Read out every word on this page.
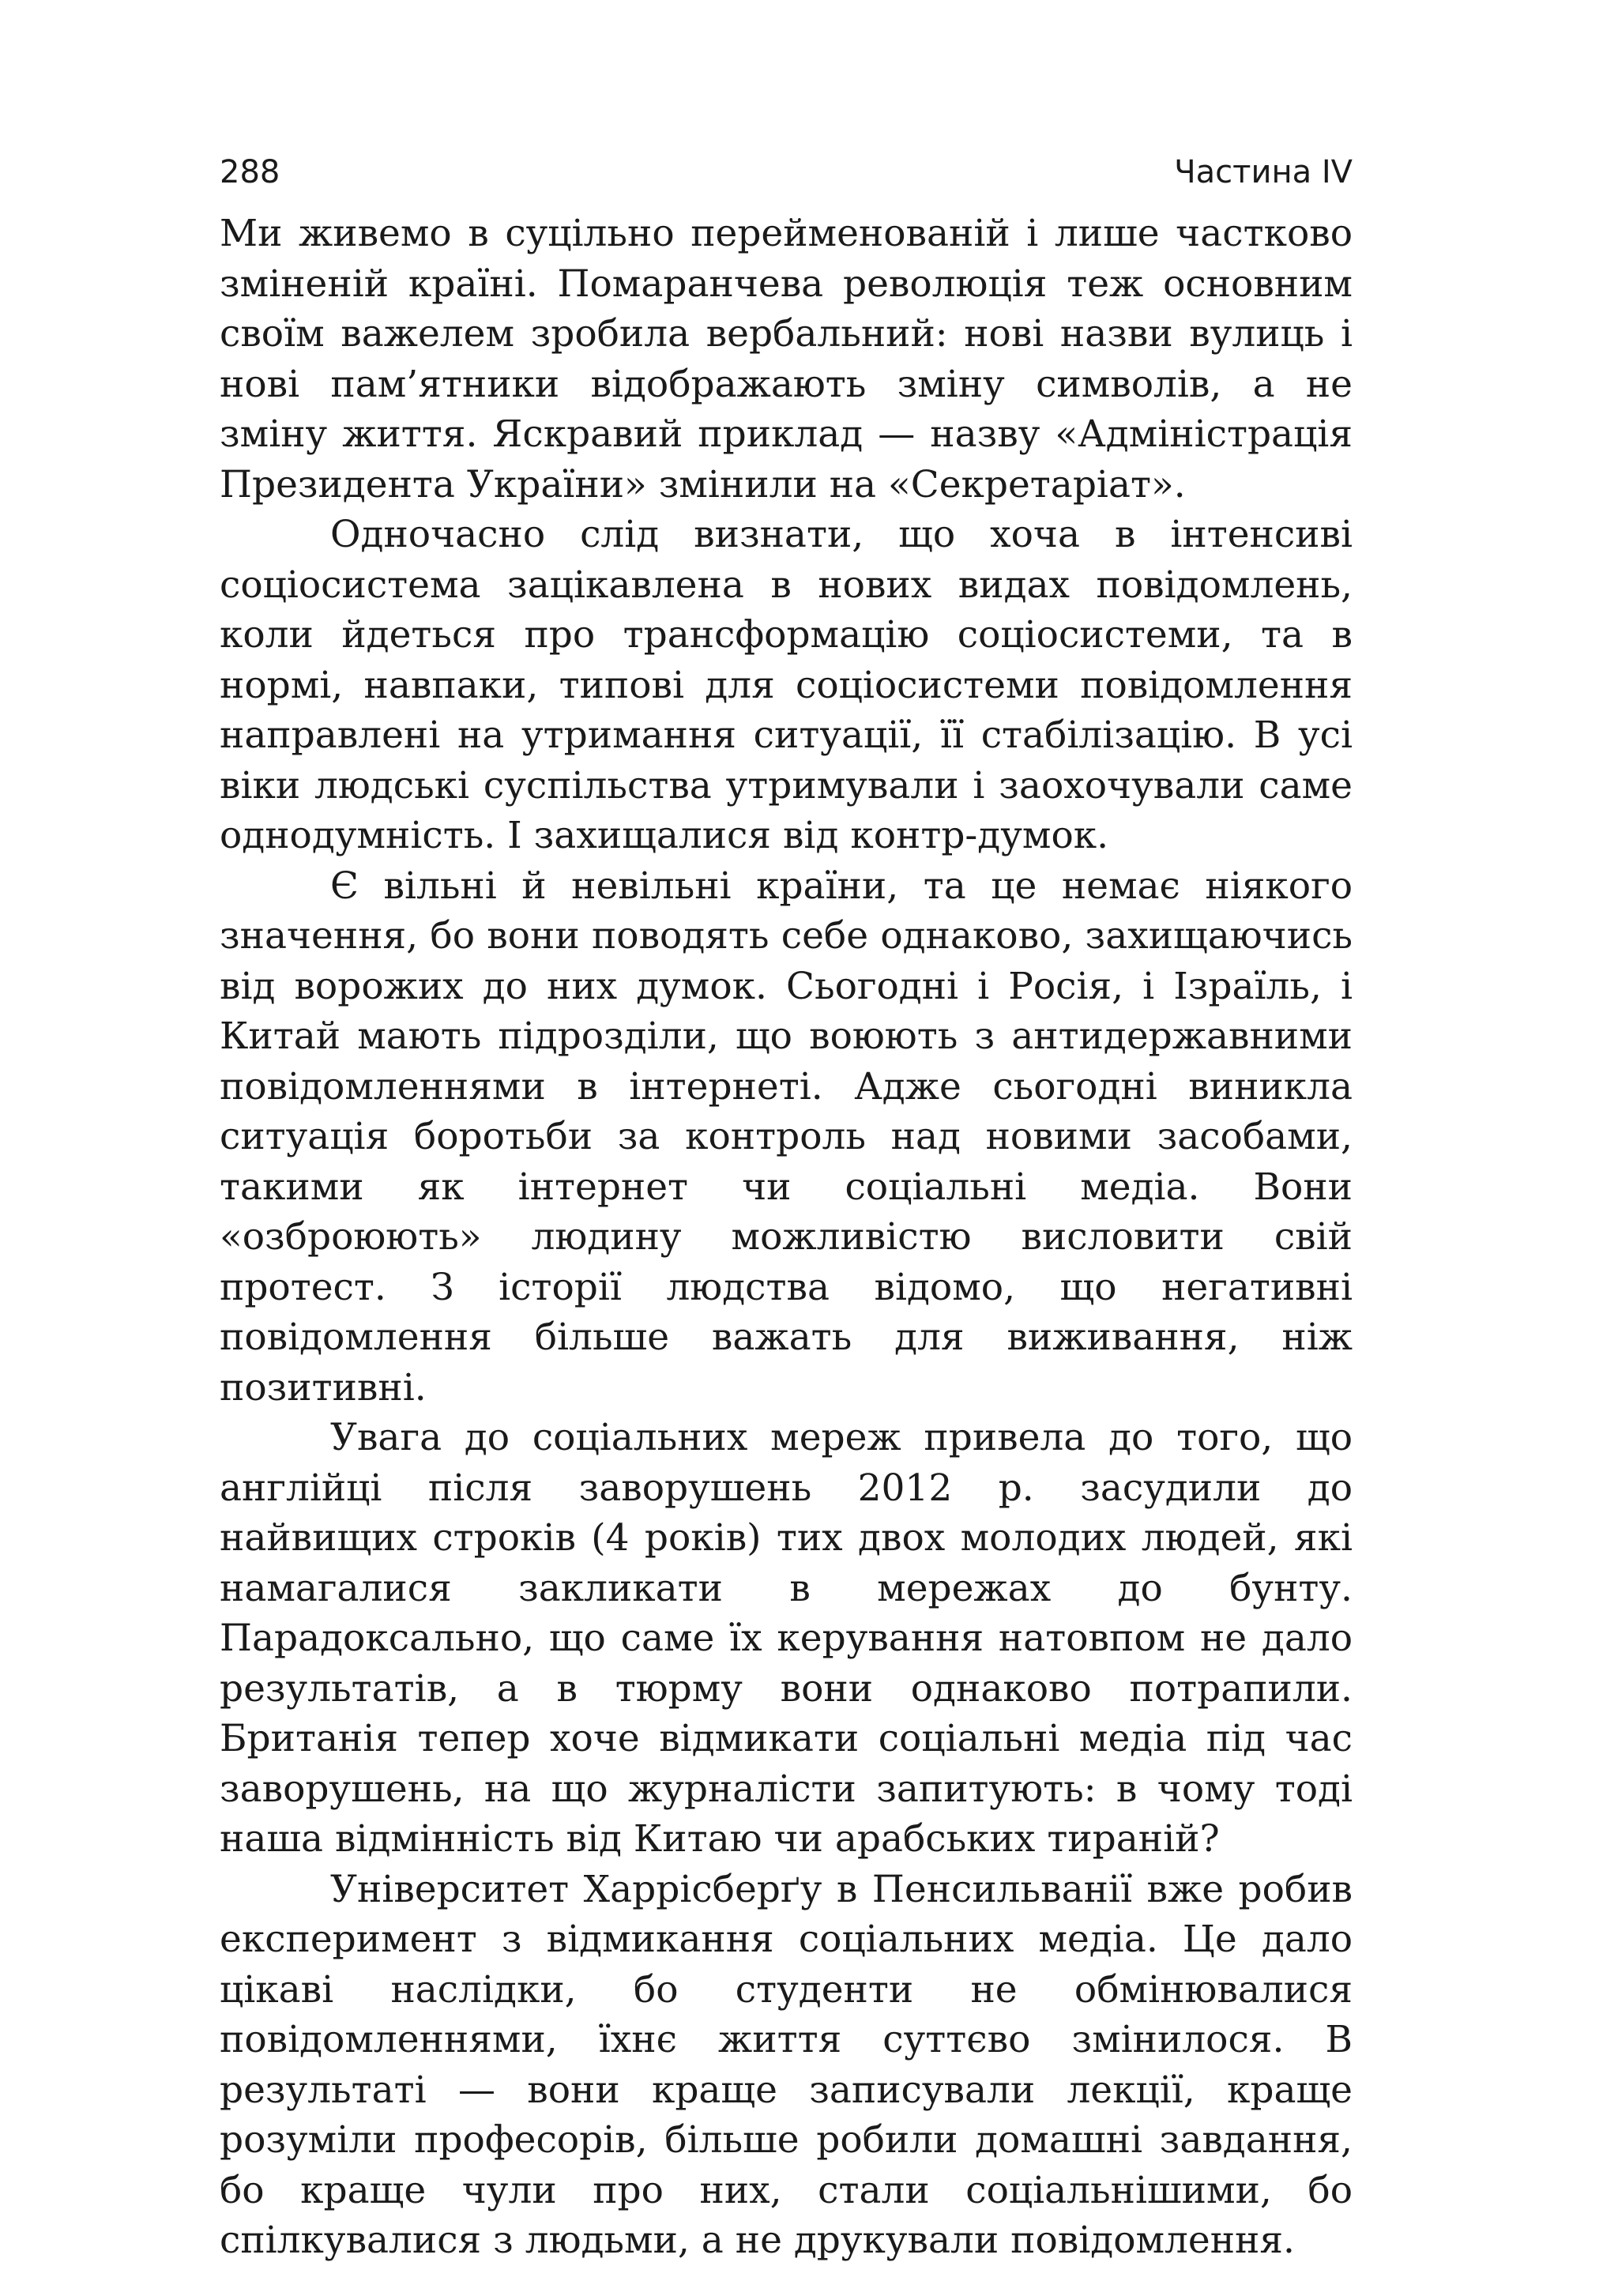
288	Частина IV

Ми живемо в суцільно перейменованій і лише частково зміненій країні. Помаранчева революція теж основним своїм важелем зробила вербальний: нові назви вулиць і нові пам’ятники відображають зміну символів, а не зміну життя. Яскравий приклад — назву «Адміністрація Президента України» змінили на «Секретаріат».

Одночасно слід визнати, що хоча в інтенсиві соціосистема зацікавлена в нових видах повідомлень, коли йдеться про трансформацію соціосистеми, та в нормі, навпаки, типові для соціосистеми повідомлення направлені на утримання ситуації, її стабілізацію. В усі віки людські суспільства утримували і заохочували саме однодумність. І захищалися від контр-думок.

Є вільні й невільні країни, та це немає ніякого значення, бо вони поводять себе однаково, захищаючись від ворожих до них думок. Сьогодні і Росія, і Ізраїль, і Китай мають підрозділи, що воюють з антидержавними повідомленнями в інтернеті. Адже сьогодні виникла ситуація боротьби за контроль над новими засобами, такими як інтернет чи соціальні медіа. Вони «озброюють» людину можливістю висловити свій протест. З історії людства відомо, що негативні повідомлення більше важать для виживання, ніж позитивні.

Увага до соціальних мереж привела до того, що англійці після заворушень 2012 р. засудили до найвищих строків (4 років) тих двох молодих людей, які намагалися закликати в мережах до бунту. Парадоксально, що саме їх керування натовпом не дало результатів, а в тюрму вони однаково потрапили. Британія тепер хоче відмикати соціальні медіа під час заворушень, на що журналісти запитують: в чому тоді наша відмінність від Китаю чи арабських тираній?

Університет Харрісберґу в Пенсильванії вже робив експеримент з відмикання соціальних медіа. Це дало цікаві наслідки, бо студенти не обмінювалися повідомленнями, їхнє життя суттєво змінилося. В результаті — вони краще записували лекції, краще розуміли професорів, більше робили домашні завдання, бо краще чули про них, стали соціальнішими, бо спілкувалися з людьми, а не друкували повідомлення.
